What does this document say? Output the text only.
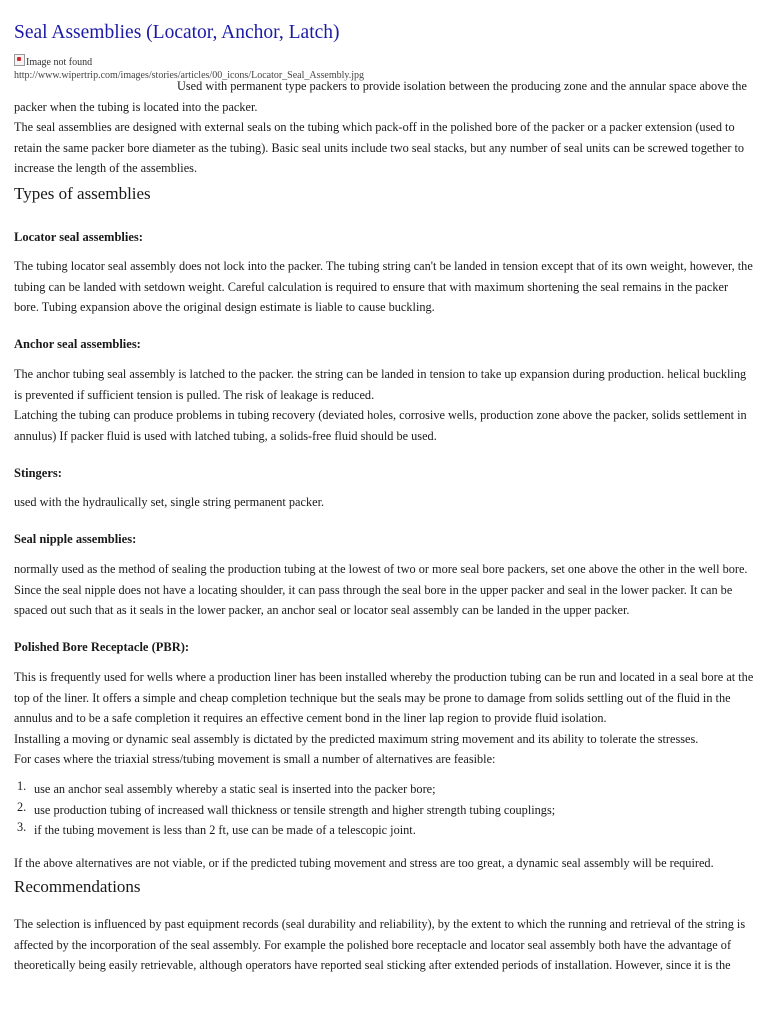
Seal Assemblies (Locator, Anchor, Latch)
Image not found
http://www.wipertrip.com/images/stories/articles/00_icons/Locator_Seal_Assembly.jpg

Used with permanent type packers to provide isolation between the producing zone and the annular space above the packer when the tubing is located into the packer.

The seal assemblies are designed with external seals on the tubing which pack-off in the polished bore of the packer or a packer extension (used to retain the same packer bore diameter as the tubing). Basic seal units include two seal stacks, but any number of seal units can be screwed together to increase the length of the assemblies.

Types of assemblies
Locator seal assemblies:

The tubing locator seal assembly does not lock into the packer. The tubing string can't be landed in tension except that of its own weight, however, the tubing can be landed with setdown weight. Careful calculation is required to ensure that with maximum shortening the seal remains in the packer bore. Tubing expansion above the original design estimate is liable to cause buckling.

Anchor seal assemblies:

The anchor tubing seal assembly is latched to the packer. the string can be landed in tension to take up expansion during production. helical buckling is prevented if sufficient tension is pulled. The risk of leakage is reduced.

Latching the tubing can produce problems in tubing recovery (deviated holes, corrosive wells, production zone above the packer, solids settlement in annulus) If packer fluid is used with latched tubing, a solids-free fluid should be used.

Stingers:

used with the hydraulically set, single string permanent packer.

Seal nipple assemblies:

normally used as the method of sealing the production tubing at the lowest of two or more seal bore packers, set one above the other in the well bore.

Since the seal nipple does not have a locating shoulder, it can pass through the seal bore in the upper packer and seal in the lower packer. It can be spaced out such that as it seals in the lower packer, an anchor seal or locator seal assembly can be landed in the upper packer.

Polished Bore Receptacle (PBR):

This is frequently used for wells where a production liner has been installed whereby the production tubing can be run and located in a seal bore at the top of the liner. It offers a simple and cheap completion technique but the seals may be prone to damage from solids settling out of the fluid in the annulus and to be a safe completion it requires an effective cement bond in the liner lap region to provide fluid isolation.

Installing a moving or dynamic seal assembly is dictated by the predicted maximum string movement and its ability to tolerate the stresses.

For cases where the triaxial stress/tubing movement is small a number of alternatives are feasible:

1. use an anchor seal assembly whereby a static seal is inserted into the packer bore;
2. use production tubing of increased wall thickness or tensile strength and higher strength tubing couplings;
3. if the tubing movement is less than 2 ft, use can be made of a telescopic joint.

If the above alternatives are not viable, or if the predicted tubing movement and stress are too great, a dynamic seal assembly will be required.

Recommendations

The selection is influenced by past equipment records (seal durability and reliability), by the extent to which the running and retrieval of the string is affected by the incorporation of the seal assembly. For example the polished bore receptacle and locator seal assembly both have the advantage of theoretically being easily retrievable, although operators have reported seal sticking after extended periods of installation. However, since it is the
